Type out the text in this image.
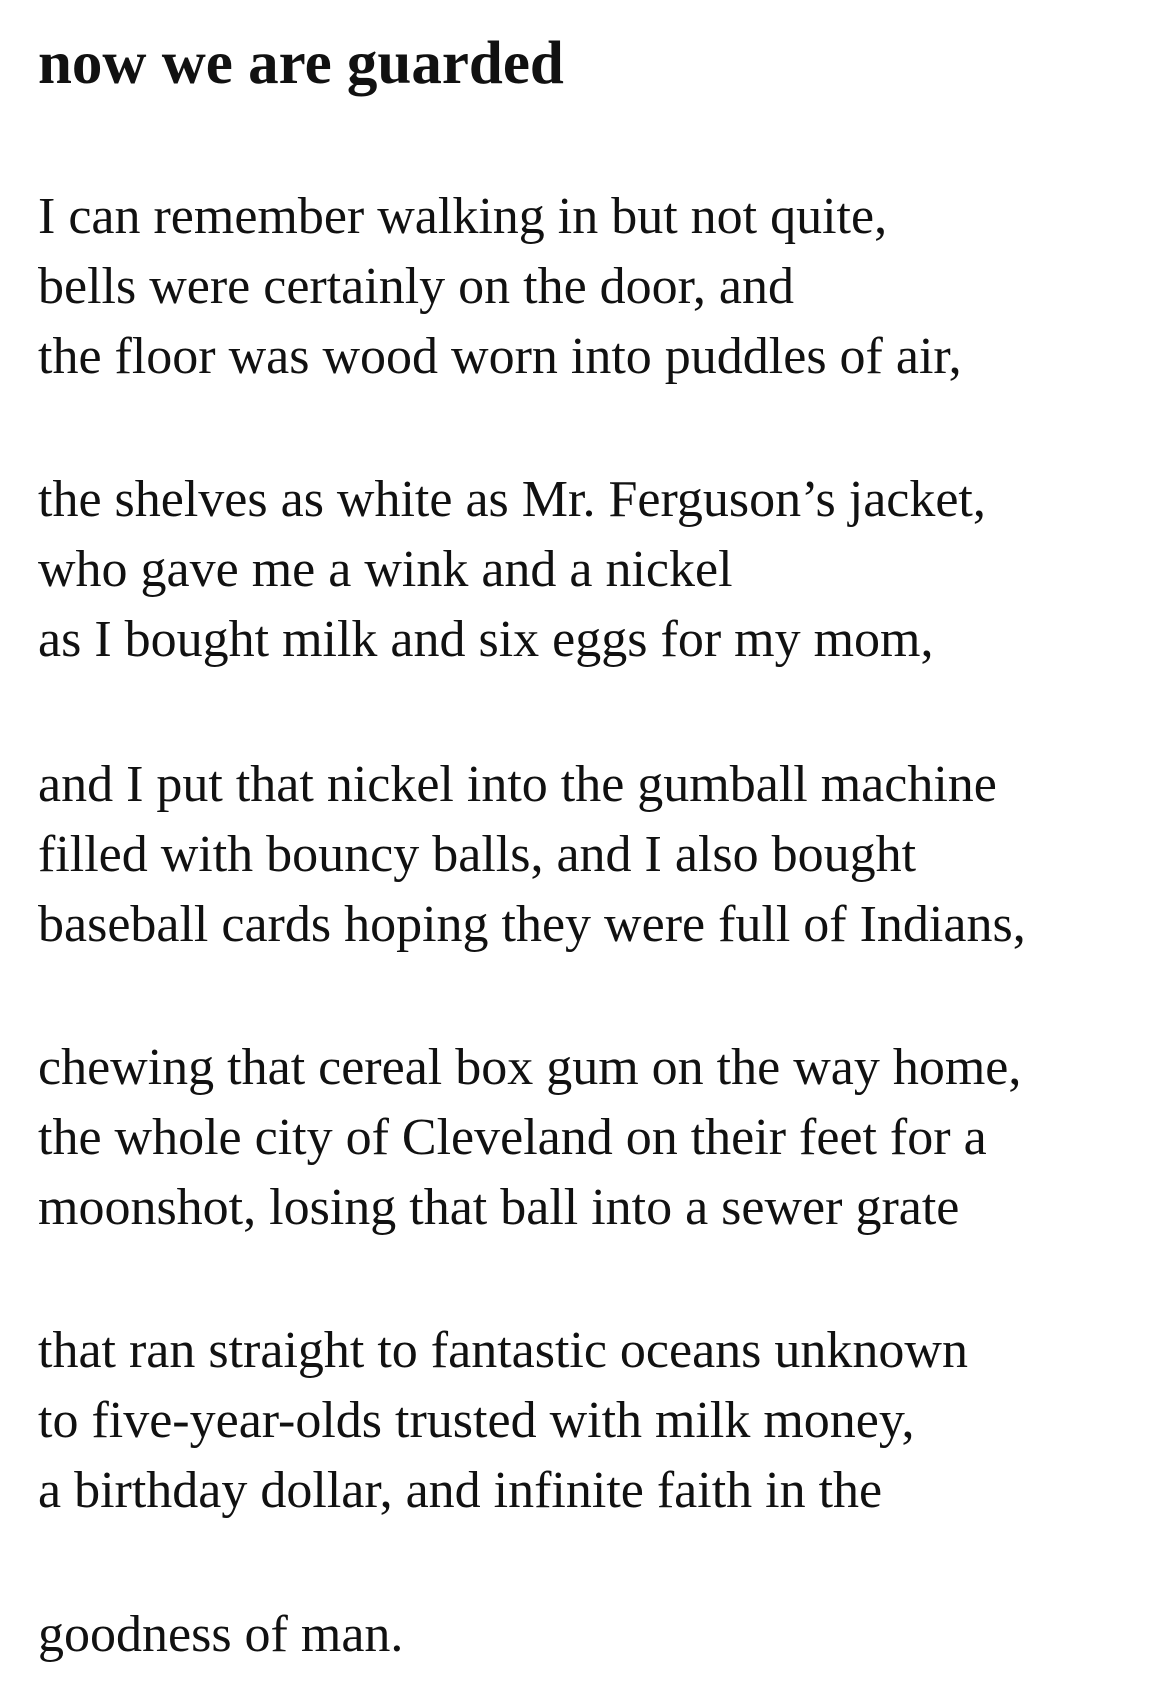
now we are guarded

I can remember walking in but not quite,
bells were certainly on the door, and
the floor was wood worn into puddles of air,

the shelves as white as Mr. Ferguson’s jacket,
who gave me a wink and a nickel
as I bought milk and six eggs for my mom,

and I put that nickel into the gumball machine
filled with bouncy balls, and I also bought
baseball cards hoping they were full of Indians,

chewing that cereal box gum on the way home,
the whole city of Cleveland on their feet for a
moonshot, losing that ball into a sewer grate

that ran straight to fantastic oceans unknown
to five-year-olds trusted with milk money,
a birthday dollar, and infinite faith in the

goodness of man.
